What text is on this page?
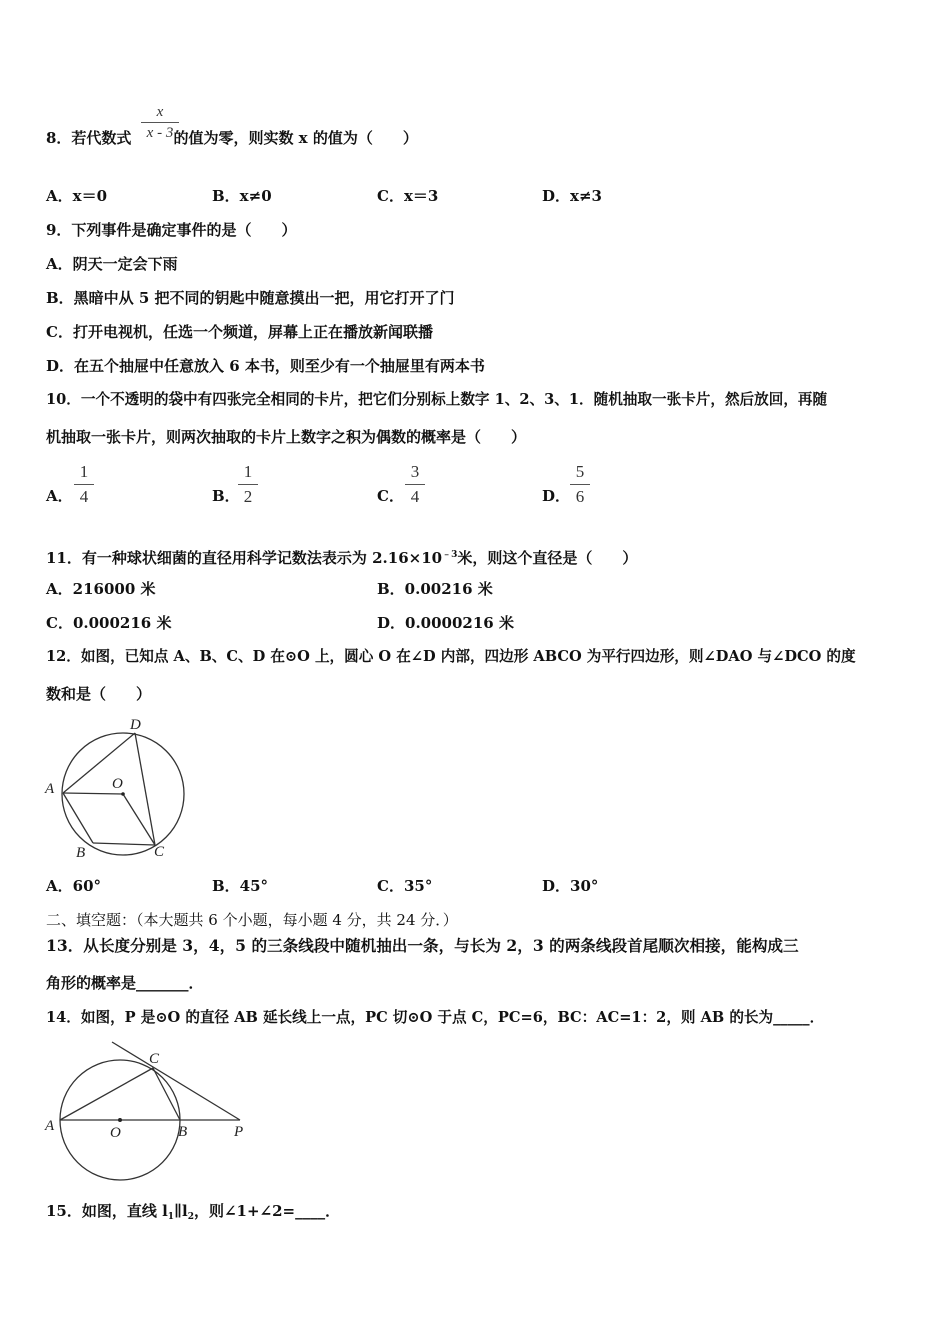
8．若代数式	的值为零，则实数 x 的值为（　　）
x
x - 3
A．x＝0	B．x≠0	C．x＝3	D．x≠3
9．下列事件是确定事件的是（　　）
A．阴天一定会下雨
B．黑暗中从 5 把不同的钥匙中随意摸出一把，用它打开了门
C．打开电视机，任选一个频道，屏幕上正在播放新闻联播
D．在五个抽屉中任意放入 6 本书，则至少有一个抽屉里有两本书
10．一个不透明的袋中有四张完全相同的卡片，把它们分别标上数字 1、2、3、1．随机抽取一张卡片，然后放回，再随
机抽取一张卡片，则两次抽取的卡片上数字之积为偶数的概率是（　　）
A．
1
4	B．
1
2	C．
3
4	D．
5
6
11．有一种球状细菌的直径用科学记数法表示为 $2.16\times 10^{﹣3}$米，则这个直径是（　　）
A．216000 米	B．0.00216 米
C．0.000216 米	D．0.0000216 米
12．如图，已知点 A、B、C、D 在⊙O 上，圆心 O 在∠D 内部，四边形 ABCO 为平行四边形，则∠DAO 与∠DCO 的度
数和是（　　）
D
A	O
B	C
A．60°	B．45°	C．35°	D．30°
二、填空题：（本大题共 6 个小题，每小题 4 分，共 24 分．）
13．从长度分别是 3，4，5 的三条线段中随机抽出一条，与长为 2，3 的两条线段首尾顺次相接，能构成三
角形的概率是_______．
14．如图，P 是⊙O 的直径 AB 延长线上一点，PC 切⊙O 于点 C，PC=6，BC：AC=1：2，则 AB 的长为_____．
C
A	O	B	P
15．如图，直线 $l_1\parallel l_2$，则∠1+∠2=____．
